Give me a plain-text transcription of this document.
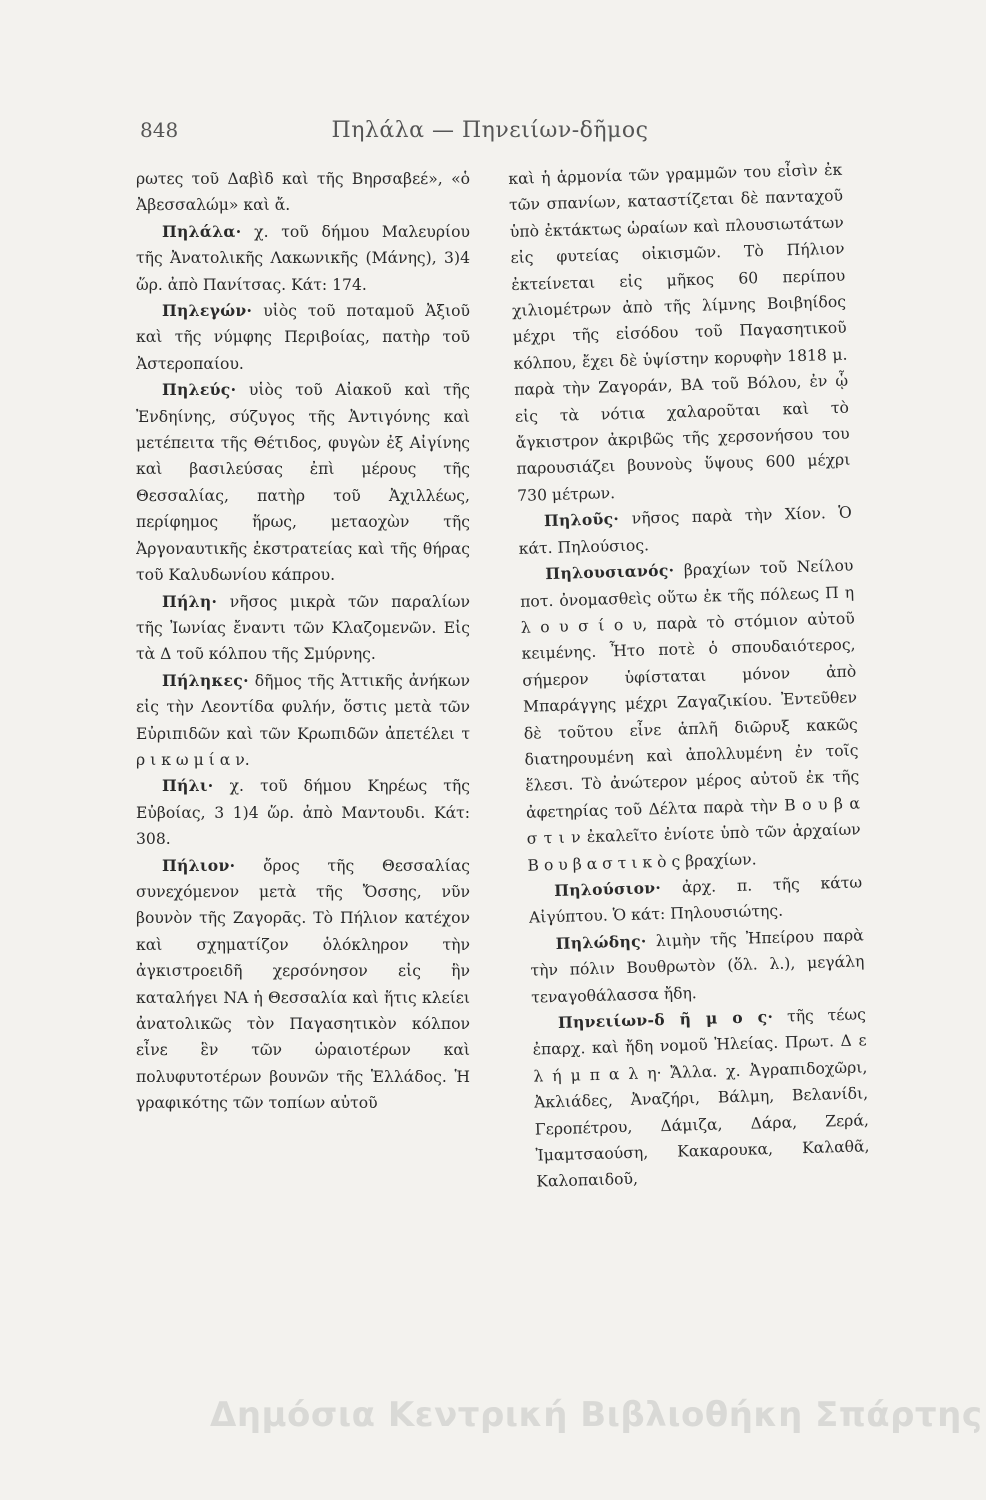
848	Πηλάλα — Πηνειίων-δῆμος

ρωτες τοῦ Δαβὶδ καὶ τῆς Βηρσαβεέ», «ὁ Ἀβεσσαλώμ» καὶ ἄ.

Πηλάλα· χ. τοῦ δήμου Μαλευρίου τῆς Ἀνατολικῆς Λακωνικῆς (Μάνης), 3)4 ὥρ. ἀπὸ Πανίτσας. Κάτ: 174.

Πηλεγών· υἱὸς τοῦ ποταμοῦ Ἀξιοῦ καὶ τῆς νύμφης Περιβοίας, πατὴρ τοῦ Ἀστεροπαίου.

Πηλεύς· υἱὸς τοῦ Αἰακοῦ καὶ τῆς Ἐνδηίνης, σύζυγος τῆς Ἀντιγόνης καὶ μετέπειτα τῆς Θέτιδος, φυγὼν ἐξ Αἰγίνης καὶ βασιλεύσας ἐπὶ μέρους τῆς Θεσσαλίας, πατὴρ τοῦ Ἀχιλλέως, περίφημος ἥρως, μεταοχὼν τῆς Ἀργοναυτικῆς ἐκστρατείας καὶ τῆς θήρας τοῦ Καλυδωνίου κάπρου.

Πήλη· νῆσος μικρὰ τῶν παραλίων τῆς Ἰωνίας ἔναντι τῶν Κλαζομενῶν. Εἰς τὰ Δ τοῦ κόλπου τῆς Σμύρνης.

Πήληκες· δῆμος τῆς Ἀττικῆς ἀνήκων εἰς τὴν Λεοντίδα φυλήν, ὅστις μετὰ τῶν Εὐριπιδῶν καὶ τῶν Κρωπιδῶν ἀπετέλει τ ρ ι κ ω μ ί α ν.

Πήλι· χ. τοῦ δήμου Κηρέως τῆς Εὐβοίας, 3 1)4 ὥρ. ἀπὸ Μαντουδι. Κάτ: 308.

Πήλιον· ὄρος τῆς Θεσσαλίας συνεχόμενον μετὰ τῆς Ὄσσης, νῦν βουνὸν τῆς Ζαγορᾶς. Τὸ Πήλιον κατέχον καὶ σχηματίζον ὁλόκληρον τὴν ἀγκιστροειδῆ χερσόνησον εἰς ἣν καταλήγει ΝΑ ἡ Θεσσαλία καὶ ἥτις κλείει ἀνατολικῶς τὸν Παγασητικὸν κόλπον εἶνε ἓν τῶν ὡραιοτέρων καὶ πολυφυτοτέρων βουνῶν τῆς Ἑλλάδος. Ἡ γραφικότης τῶν τοπίων αὐτοῦ

καὶ ἡ ἁρμονία τῶν γραμμῶν του εἶσὶν ἐκ τῶν σπανίων, καταστίζεται δὲ πανταχοῦ ὑπὸ ἐκτάκτως ὡραίων καὶ πλουσιωτάτων εἰς φυτείας οἰκισμῶν. Τὸ Πήλιον ἐκτείνεται εἰς μῆκος 60 περίπου χιλιομέτρων ἀπὸ τῆς λίμνης Βοιβηίδος μέχρι τῆς εἰσόδου τοῦ Παγασητικοῦ κόλπου, ἔχει δὲ ὑψίστην κορυφὴν 1818 μ. παρὰ τὴν Ζαγοράν, ΒΑ τοῦ Βόλου, ἐν ᾧ εἰς τὰ νότια χαλαροῦται καὶ τὸ ἄγκιστρον ἀκριβῶς τῆς χερσονήσου του παρουσιάζει βουνοὺς ὕψους 600 μέχρι 730 μέτρων.

Πηλοῦς· νῆσος παρὰ τὴν Χίον. Ὁ κάτ. Πηλούσιος.

Πηλουσιανός· βραχίων τοῦ Νείλου ποτ. ὀνομασθεὶς οὕτω ἐκ τῆς πόλεως Π η λ ο υ σ ί ο υ, παρὰ τὸ στόμιον αὐτοῦ κειμένης. Ἦτο ποτὲ ὁ σπουδαιότερος, σήμερον ὑφίσταται μόνον ἀπὸ Μπαράγγης μέχρι Ζαγαζικίου. Ἐντεῦθεν δὲ τοῦτου εἶνε ἁπλῆ διῶρυξ κακῶς διατηρουμένη καὶ ἀπολλυμένη ἐν τοῖς ἕλεσι. Τὸ ἀνώτερον μέρος αὐτοῦ ἐκ τῆς ἀφετηρίας τοῦ Δέλτα παρὰ τὴν Β ο υ β α σ τ ι ν ἐκαλεῖτο ἐνίοτε ὑπὸ τῶν ἀρχαίων Β ο υ β α σ τ ι κ ὸ ς βραχίων.

Πηλούσιον· ἀρχ. π. τῆς κάτω Αἰγύπτου. Ὁ κάτ: Πηλουσιώτης.

Πηλώδης· λιμὴν τῆς Ἠπείρου παρὰ τὴν πόλιν Βουθρωτὸν (ὅλ. λ.), μεγάλη τεναγοθάλασσα ἤδη.

Πηνειίων-δ ῆ μ ο ς· τῆς τέως ἐπαρχ. καὶ ἤδη νομοῦ Ἠλείας. Πρωτ. Δ ε λ ή μ π α λ η· Ἄλλα. χ. Ἀγραπιδοχῶρι, Ἀκλιάδες, Ἀναζήρι, Βάλμη, Βελανίδι, Γεροπέτρου, Δάμιζα, Δάρα, Ζερά, Ἰμαμτσαούση, Κακαρουκα, Καλαθᾶ, Καλοπαιδοῦ,

Δημόσια Κεντρική Βιβλιοθήκη Σπάρτης
